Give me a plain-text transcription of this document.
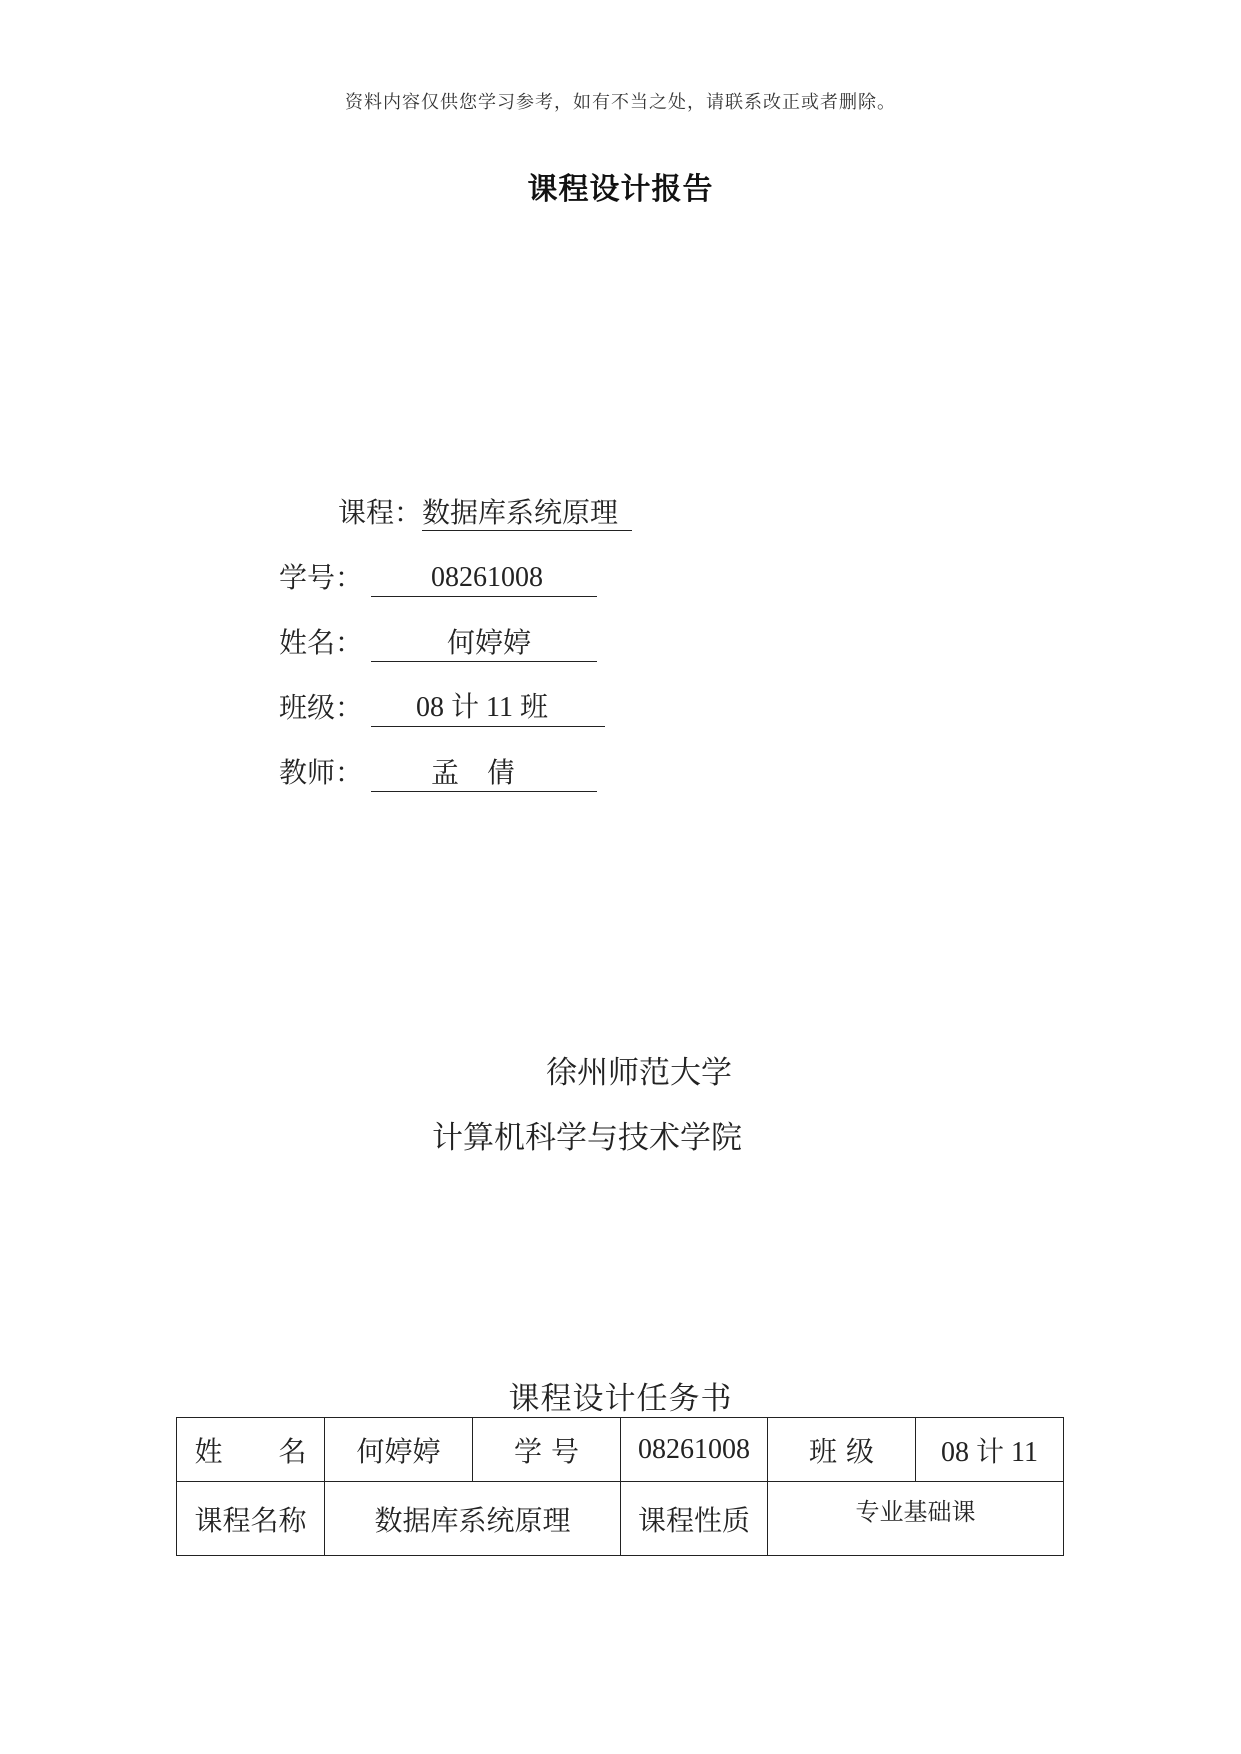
资料内容仅供您学习参考，如有不当之处，请联系改正或者删除。
课程设计报告
课程：数据库系统原理
学号： 08261008
姓名：	何婷婷
班级： 08 计 11 班
教师： 孟　倩
徐州师范大学
计算机科学与技术学院
课程设计任务书
姓　　名	何婷婷	学 号	08261008	班 级	08 计 11
课程名称	数据库系统原理		课程性质	专业基础课	
